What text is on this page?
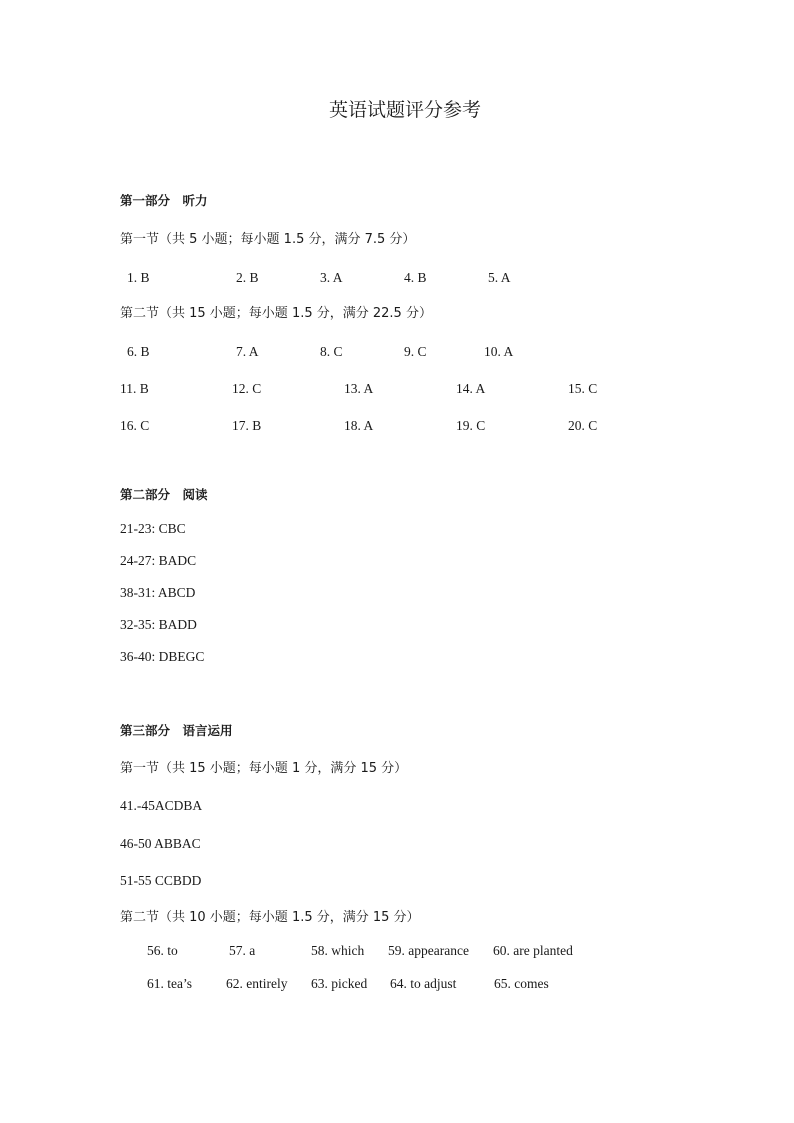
英语试题评分参考
第一部分　听力
第一节（共 5 小题；每小题 1.5 分，满分 7.5 分）
1. B	2. B	3. A	4. B	5. A
第二节（共 15 小题；每小题 1.5 分，满分 22.5 分）
6. B	7. A	8. C	9. C	10. A
11. B	12. C	13. A	14. A	15. C
16. C	17. B	18. A	19. C	20. C
第二部分　阅读
21-23: CBC
24-27: BADC
38-31: ABCD
32-35: BADD
36-40: DBEGC
第三部分　语言运用
第一节（共 15 小题；每小题 1 分，满分 15 分）
41.-45ACDBA
46-50 ABBAC
51-55 CCBDD
第二节（共 10 小题；每小题 1.5 分，满分 15 分）
56. to	57. a	58. which 59. appearance 60. are planted
61. tea’s	62. entirely 63. picked 64. to adjust	65. comes
